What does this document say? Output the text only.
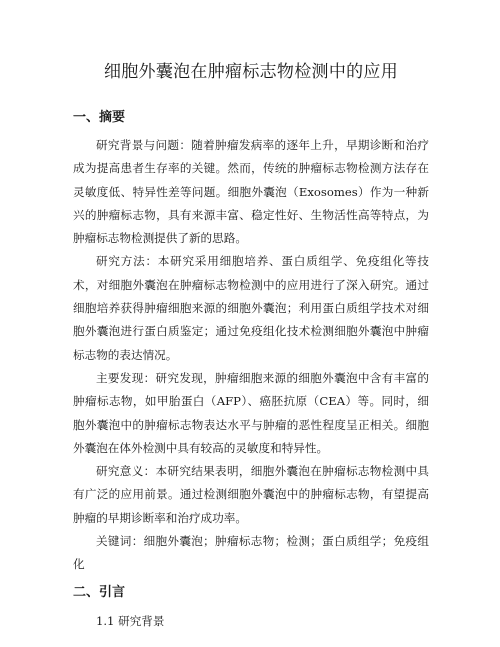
细胞外囊泡在肿瘤标志物检测中的应用
一、摘要

研究背景与问题：随着肿瘤发病率的逐年上升，早期诊断和治疗成为提高患者生存率的关键。然而，传统的肿瘤标志物检测方法存在灵敏度低、特异性差等问题。细胞外囊泡（Exosomes）作为一种新兴的肿瘤标志物，具有来源丰富、稳定性好、生物活性高等特点，为肿瘤标志物检测提供了新的思路。

研究方法：本研究采用细胞培养、蛋白质组学、免疫组化等技术，对细胞外囊泡在肿瘤标志物检测中的应用进行了深入研究。通过细胞培养获得肿瘤细胞来源的细胞外囊泡；利用蛋白质组学技术对细胞外囊泡进行蛋白质鉴定；通过免疫组化技术检测细胞外囊泡中肿瘤标志物的表达情况。

主要发现：研究发现，肿瘤细胞来源的细胞外囊泡中含有丰富的肿瘤标志物，如甲胎蛋白（AFP）、癌胚抗原（CEA）等。同时，细胞外囊泡中的肿瘤标志物表达水平与肿瘤的恶性程度呈正相关。细胞外囊泡在体外检测中具有较高的灵敏度和特异性。

研究意义：本研究结果表明，细胞外囊泡在肿瘤标志物检测中具有广泛的应用前景。通过检测细胞外囊泡中的肿瘤标志物，有望提高肿瘤的早期诊断率和治疗成功率。

关键词：细胞外囊泡；肿瘤标志物；检测；蛋白质组学；免疫组化

二、引言

1.1 研究背景
